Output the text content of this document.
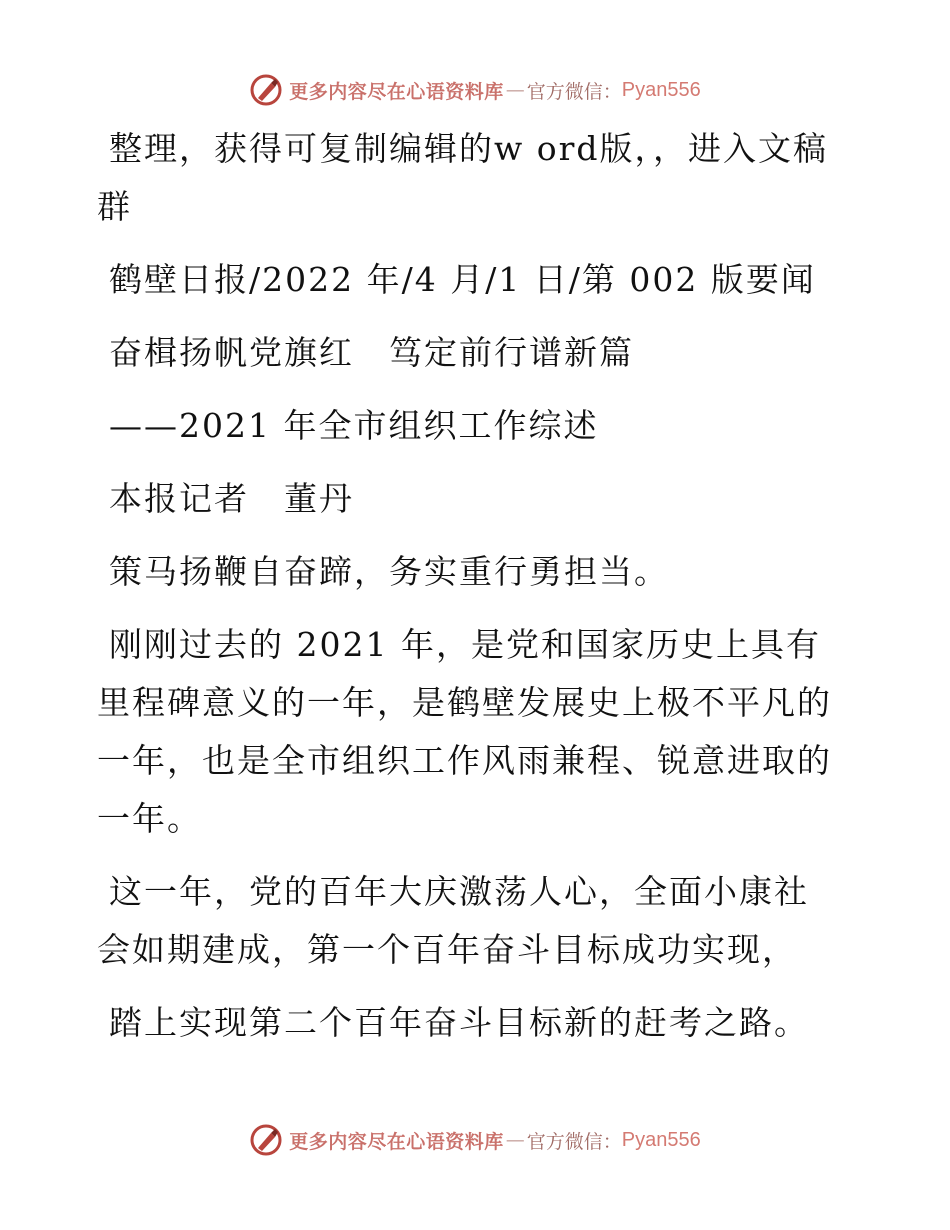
更多内容尽在心语资料库 — 官方微信： Pyan556

整理，获得可复制编辑的w ord版，，进入文稿群

鹤壁日报/2022 年/4 月/1 日/第 002 版要闻

奋楫扬帆党旗红　笃定前行谱新篇

——2021 年全市组织工作综述

本报记者　董丹

策马扬鞭自奋蹄，务实重行勇担当。

刚刚过去的 2021 年，是党和国家历史上具有里程碑意义的一年，是鹤壁发展史上极不平凡的一年，也是全市组织工作风雨兼程、锐意进取的一年。

这一年，党的百年大庆激荡人心，全面小康社会如期建成，第一个百年奋斗目标成功实现，

踏上实现第二个百年奋斗目标新的赶考之路。

更多内容尽在心语资料库 — 官方微信： Pyan556
